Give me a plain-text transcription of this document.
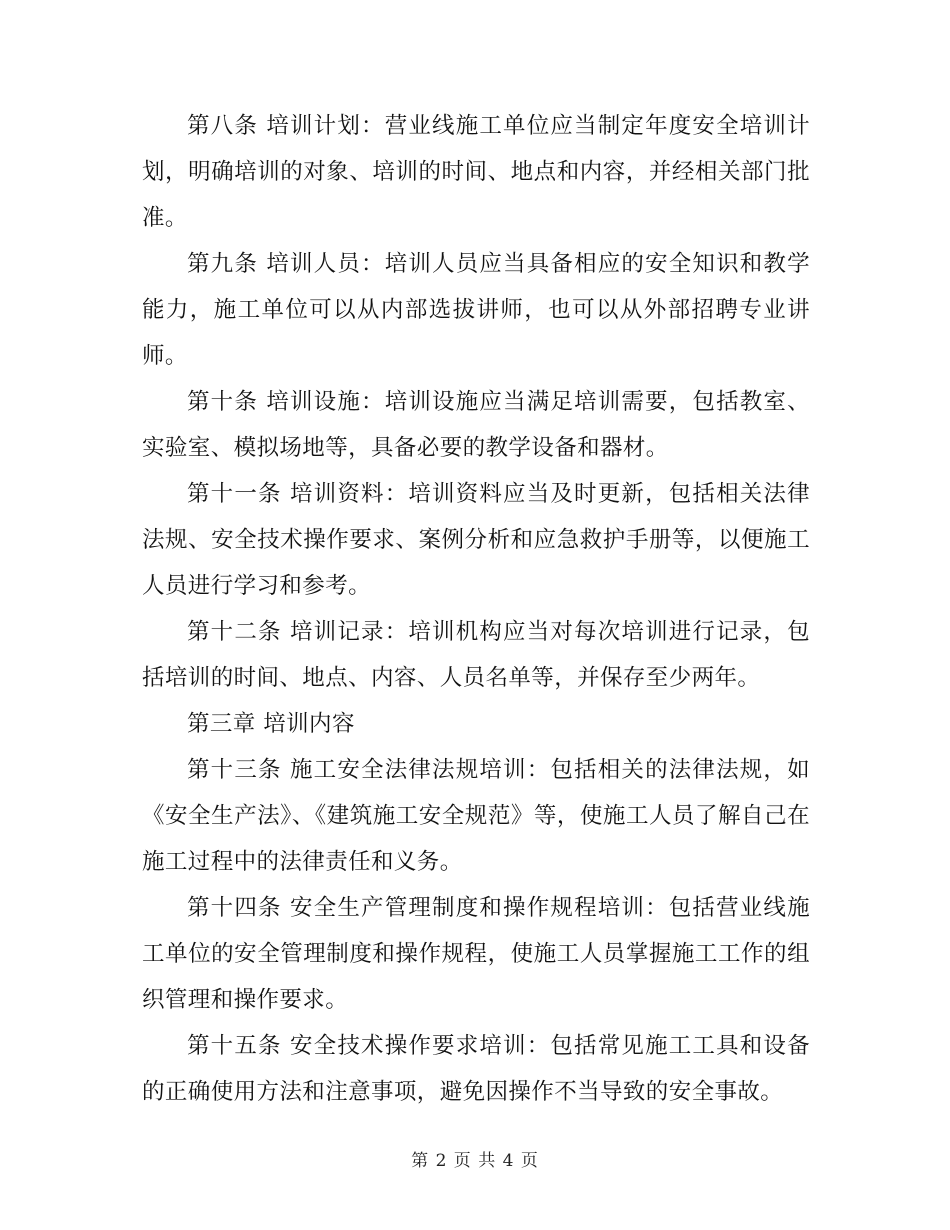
第八条 培训计划：营业线施工单位应当制定年度安全培训计划，明确培训的对象、培训的时间、地点和内容，并经相关部门批准。

第九条 培训人员：培训人员应当具备相应的安全知识和教学能力，施工单位可以从内部选拔讲师，也可以从外部招聘专业讲师。

第十条 培训设施：培训设施应当满足培训需要，包括教室、实验室、模拟场地等，具备必要的教学设备和器材。

第十一条 培训资料：培训资料应当及时更新，包括相关法律法规、安全技术操作要求、案例分析和应急救护手册等，以便施工人员进行学习和参考。

第十二条 培训记录：培训机构应当对每次培训进行记录，包括培训的时间、地点、内容、人员名单等，并保存至少两年。

第三章 培训内容

第十三条 施工安全法律法规培训：包括相关的法律法规，如《安全生产法》、《建筑施工安全规范》等，使施工人员了解自己在施工过程中的法律责任和义务。

第十四条 安全生产管理制度和操作规程培训：包括营业线施工单位的安全管理制度和操作规程，使施工人员掌握施工工作的组织管理和操作要求。

第十五条 安全技术操作要求培训：包括常见施工工具和设备的正确使用方法和注意事项，避免因操作不当导致的安全事故。

第 2 页 共 4 页
